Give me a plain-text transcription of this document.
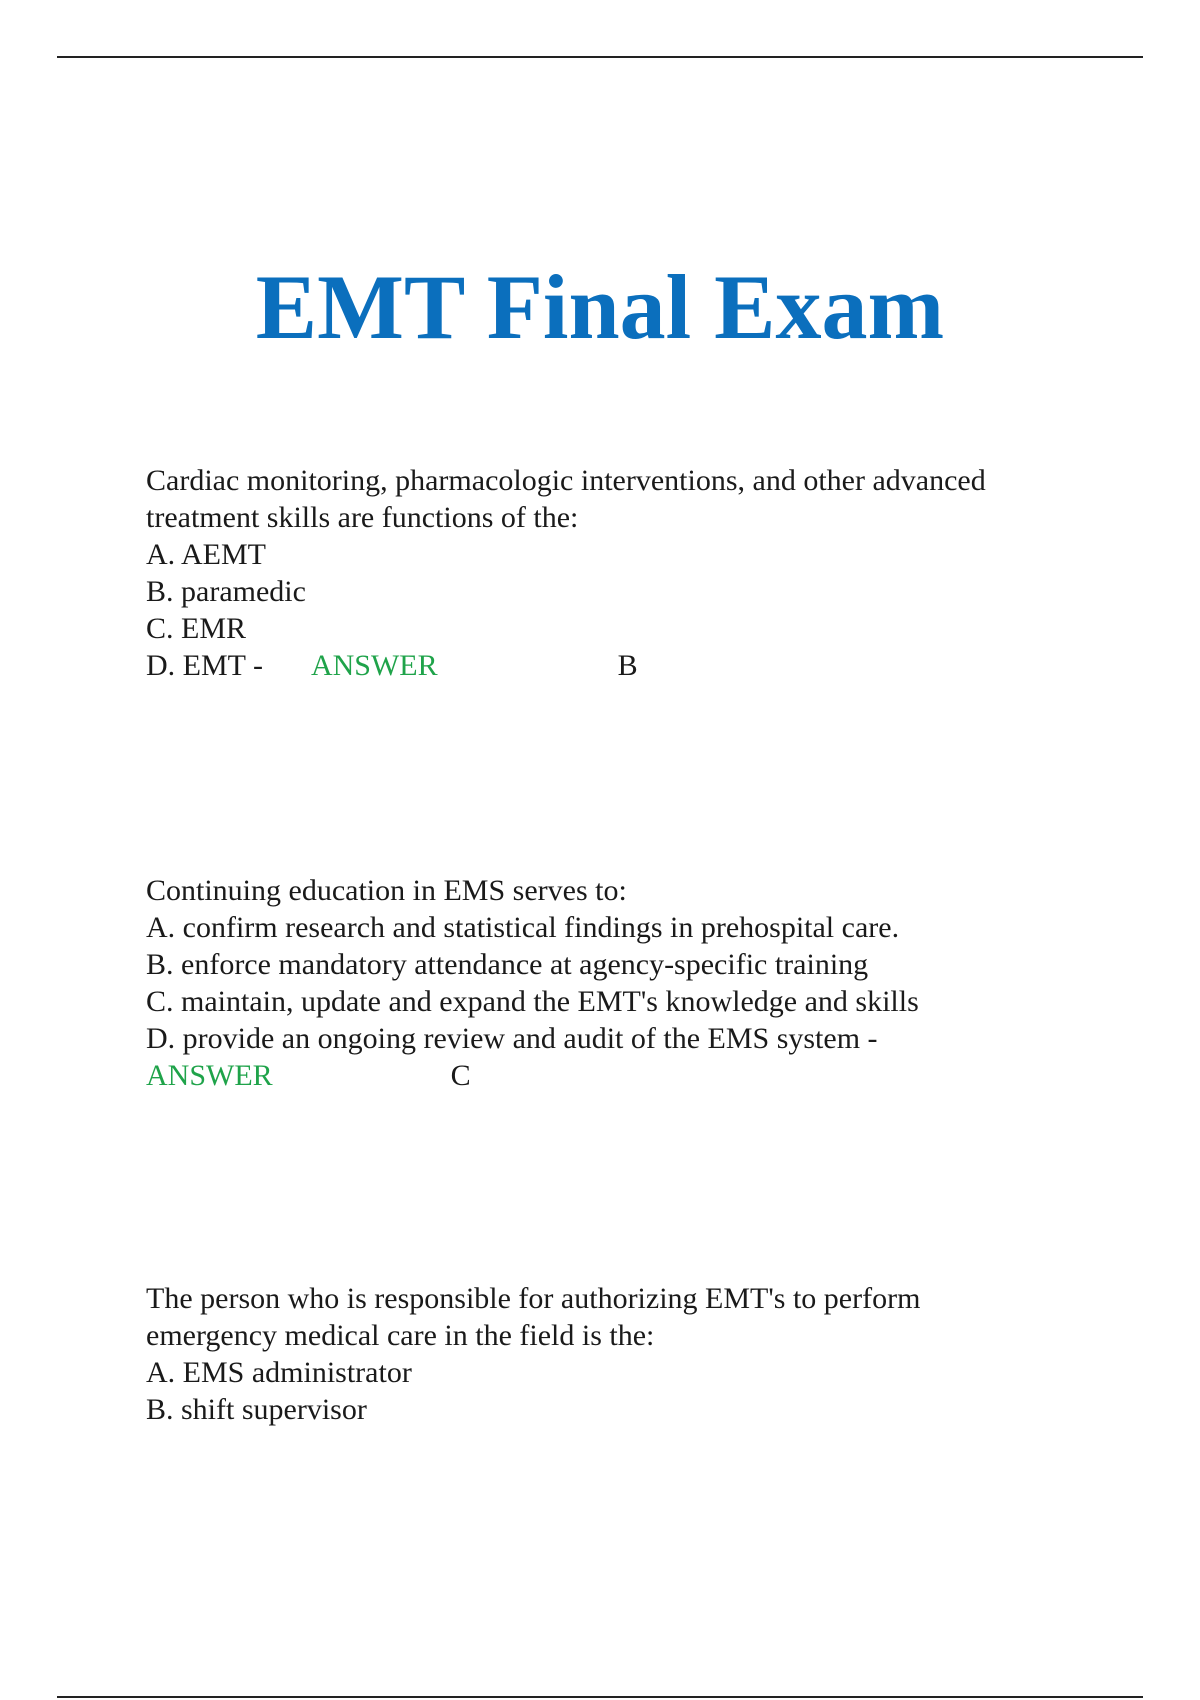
EMT Final Exam
Cardiac monitoring, pharmacologic interventions, and other advanced
treatment skills are functions of the:
A. AEMT
B. paramedic
C. EMR
D. EMT - ANSWER	B
Continuing education in EMS serves to:
A. confirm research and statistical findings in prehospital care.
B. enforce mandatory attendance at agency-specific training
C. maintain, update and expand the EMT's knowledge and skills
D. provide an ongoing review and audit of the EMS system -
ANSWER	C
The person who is responsible for authorizing EMT's to perform
emergency medical care in the field is the:
A. EMS administrator
B. shift supervisor
